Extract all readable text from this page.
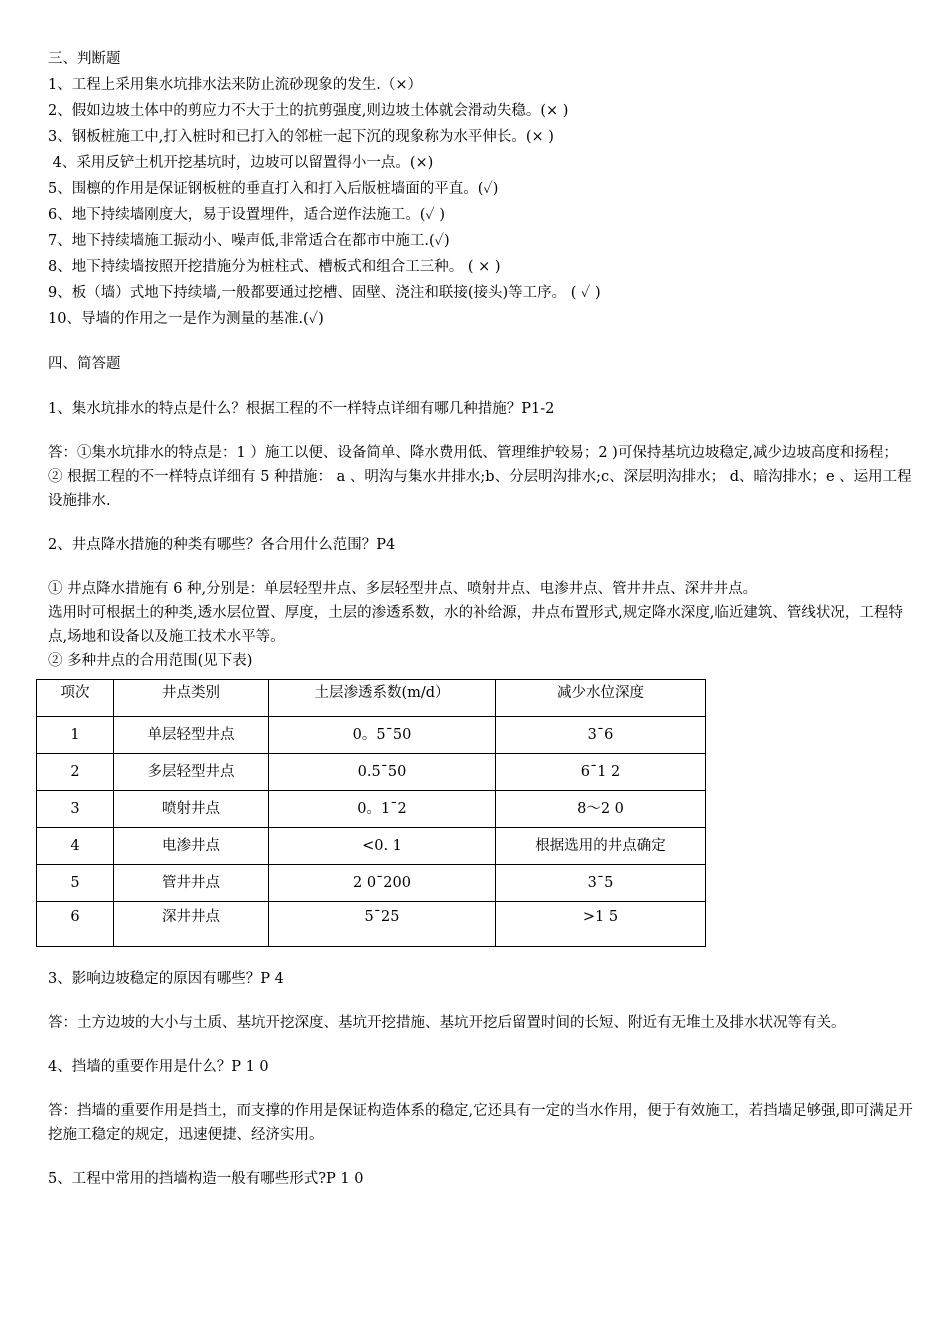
三、判断题
1、工程上采用集水坑排水法来防止流砂现象的发生.（×）
2、假如边坡土体中的剪应力不大于土的抗剪强度,则边坡土体就会滑动失稳。(× )
3、钢板桩施工中,打入桩时和已打入的邻桩一起下沉的现象称为水平伸长。(× )
4、采用反铲土机开挖基坑时，边坡可以留置得小一点。(×)
5、围檩的作用是保证钢板桩的垂直打入和打入后版桩墙面的平直。(✓)
6、地下持续墙刚度大，易于设置埋件，适合逆作法施工。(✓ )
7、地下持续墙施工振动小、噪声低,非常适合在都市中施工.(✓)
8、地下持续墙按照开挖措施分为桩柱式、槽板式和组合工三种。 ( × )
9、板（墙）式地下持续墙,一般都要通过挖槽、固壁、浇注和联接(接头)等工序。 ( ✓ )
10、导墙的作用之一是作为测量的基准.(✓)
四、简答题
1、集水坑排水的特点是什么？根据工程的不一样特点详细有哪几种措施？P1-2
答：①集水坑排水的特点是：1 ）施工以便、设备简单、降水费用低、管理维护较易；2 )可保持基坑边坡稳定,减少边坡高度和扬程；
② 根据工程的不一样特点详细有 5 种措施： a 、明沟与集水井排水;b、分层明沟排水;c、深层明沟排水； d、暗沟排水；e 、运用工程设施排水.
2、井点降水措施的种类有哪些？各合用什么范围？P4
① 井点降水措施有 6 种,分别是：单层轻型井点、多层轻型井点、喷射井点、电渗井点、管井井点、深井井点。
选用时可根据土的种类,透水层位置、厚度，土层的渗透系数，水的补给源，井点布置形式,规定降水深度,临近建筑、管线状况，工程特点,场地和设备以及施工技术水平等。
② 多种井点的合用范围(见下表)
项次	井点类别	土层渗透系数(m/d）	减少水位深度
1	单层轻型井点	0。5¯50	3¯6
2	多层轻型井点	0.5¯50	6¯1 2
3	喷射井点	0。1¯2	8～2 0
4	电渗井点	<0. 1	根据选用的井点确定
5	管井井点	2 0¯200	3¯5
6	深井井点	5¯25	>1 5
3、影响边坡稳定的原因有哪些？P 4
答：土方边坡的大小与土质、基坑开挖深度、基坑开挖措施、基坑开挖后留置时间的长短、附近有无堆土及排水状况等有关。
4、挡墙的重要作用是什么？P 1 0
答：挡墙的重要作用是挡土，而支撑的作用是保证构造体系的稳定,它还具有一定的当水作用，便于有效施工，若挡墙足够强,即可满足开挖施工稳定的规定，迅速便捷、经济实用。
5、工程中常用的挡墙构造一般有哪些形式?P 1 0
